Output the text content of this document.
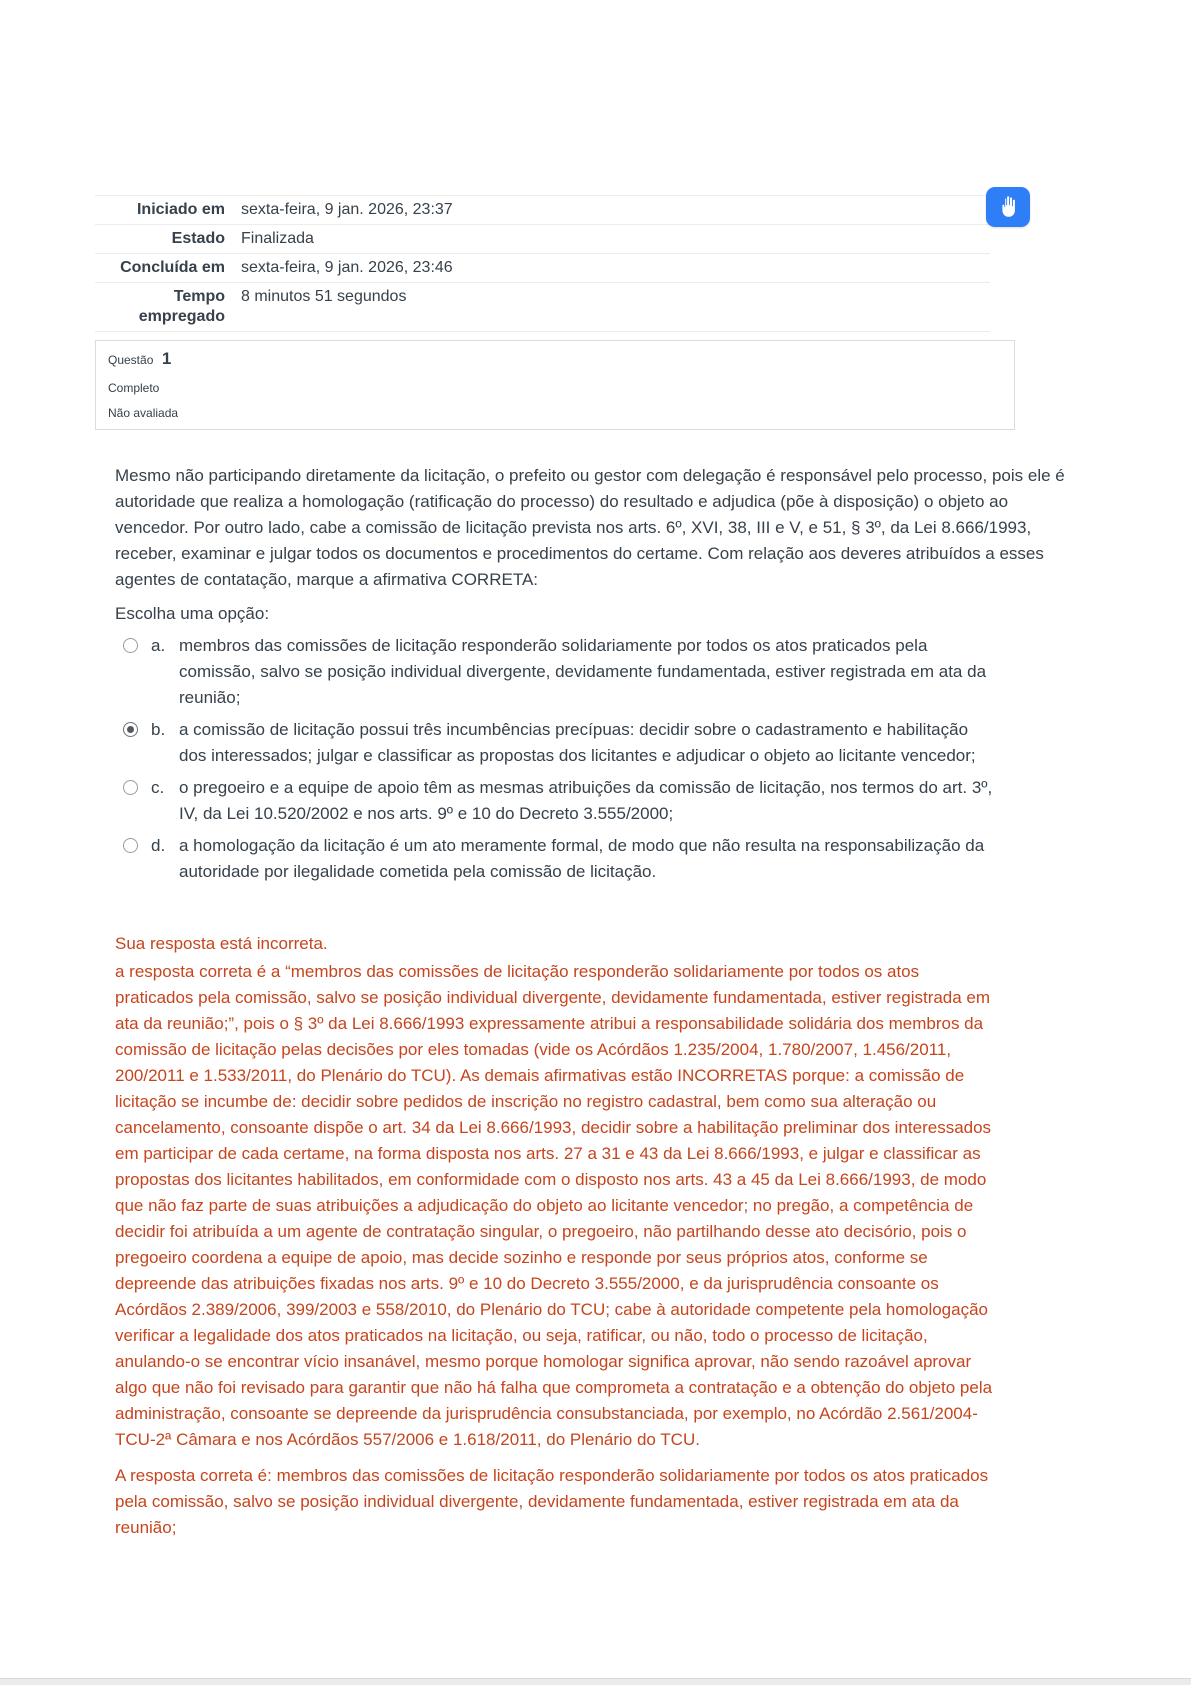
Iniciado em	sexta-feira, 9 jan. 2026, 23:37
Estado	Finalizada
Concluída em	sexta-feira, 9 jan. 2026, 23:46
Tempo empregado	8 minutos 51 segundos
Questão 1
Completo
Não avaliada

Mesmo não participando diretamente da licitação, o prefeito ou gestor com delegação é responsável pelo processo, pois ele é autoridade que realiza a homologação (ratificação do processo) do resultado e adjudica (põe à disposição) o objeto ao vencedor. Por outro lado, cabe a comissão de licitação prevista nos arts. 6º, XVI, 38, III e V, e 51, § 3º, da Lei 8.666/1993, receber, examinar e julgar todos os documentos e procedimentos do certame. Com relação aos deveres atribuídos a esses agentes de contatação, marque a afirmativa CORRETA:

Escolha uma opção:

a. membros das comissões de licitação responderão solidariamente por todos os atos praticados pela comissão, salvo se posição individual divergente, devidamente fundamentada, estiver registrada em ata da reunião;
b. a comissão de licitação possui três incumbências precípuas: decidir sobre o cadastramento e habilitação dos interessados; julgar e classificar as propostas dos licitantes e adjudicar o objeto ao licitante vencedor;
c. o pregoeiro e a equipe de apoio têm as mesmas atribuições da comissão de licitação, nos termos do art. 3º, IV, da Lei 10.520/2002 e nos arts. 9º e 10 do Decreto 3.555/2000;
d. a homologação da licitação é um ato meramente formal, de modo que não resulta na responsabilização da autoridade por ilegalidade cometida pela comissão de licitação.

Sua resposta está incorreta.

a resposta correta é a “membros das comissões de licitação responderão solidariamente por todos os atos praticados pela comissão, salvo se posição individual divergente, devidamente fundamentada, estiver registrada em ata da reunião;”, pois o § 3º da Lei 8.666/1993 expressamente atribui a responsabilidade solidária dos membros da comissão de licitação pelas decisões por eles tomadas (vide os Acórdãos 1.235/2004, 1.780/2007, 1.456/2011, 200/2011 e 1.533/2011, do Plenário do TCU). As demais afirmativas estão INCORRETAS porque: a comissão de licitação se incumbe de: decidir sobre pedidos de inscrição no registro cadastral, bem como sua alteração ou cancelamento, consoante dispõe o art. 34 da Lei 8.666/1993, decidir sobre a habilitação preliminar dos interessados em participar de cada certame, na forma disposta nos arts. 27 a 31 e 43 da Lei 8.666/1993, e julgar e classificar as propostas dos licitantes habilitados, em conformidade com o disposto nos arts. 43 a 45 da Lei 8.666/1993, de modo que não faz parte de suas atribuições a adjudicação do objeto ao licitante vencedor; no pregão, a competência de decidir foi atribuída a um agente de contratação singular, o pregoeiro, não partilhando desse ato decisório, pois o pregoeiro coordena a equipe de apoio, mas decide sozinho e responde por seus próprios atos, conforme se depreende das atribuições fixadas nos arts. 9º e 10 do Decreto 3.555/2000, e da jurisprudência consoante os Acórdãos 2.389/2006, 399/2003 e 558/2010, do Plenário do TCU; cabe à autoridade competente pela homologação verificar a legalidade dos atos praticados na licitação, ou seja, ratificar, ou não, todo o processo de licitação, anulando-o se encontrar vício insanável, mesmo porque homologar significa aprovar, não sendo razoável aprovar algo que não foi revisado para garantir que não há falha que comprometa a contratação e a obtenção do objeto pela administração, consoante se depreende da jurisprudência consubstanciada, por exemplo, no Acórdão 2.561/2004-TCU-2ª Câmara e nos Acórdãos 557/2006 e 1.618/2011, do Plenário do TCU.

A resposta correta é: membros das comissões de licitação responderão solidariamente por todos os atos praticados pela comissão, salvo se posição individual divergente, devidamente fundamentada, estiver registrada em ata da reunião;
